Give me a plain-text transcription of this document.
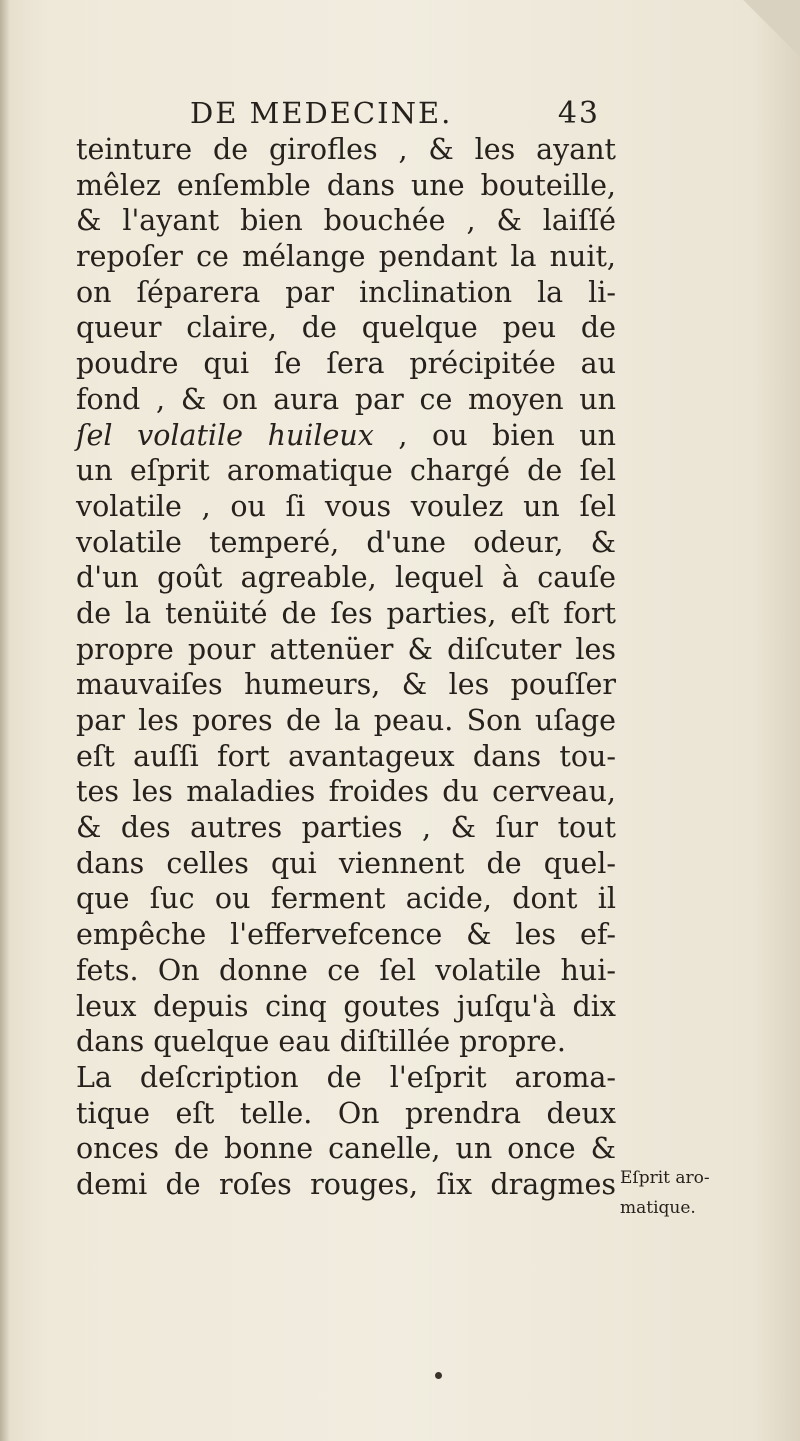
DE MEDECINE.	43
teinture de girofles , & les ayant
mêlez enſemble dans une bouteille,
& l'ayant bien bouchée , & laiſſé
repoſer ce mélange pendant la nuit,
on ſéparera par inclination la li-
queur claire, de quelque peu de
poudre qui ſe ſera précipitée au
fond , & on aura par ce moyen un
ſel volatile huileux , ou bien un
un eſprit aromatique chargé de ſel
volatile , ou ſi vous voulez un ſel
volatile temperé, d'une odeur, &
d'un goût agreable, lequel à cauſe
de la tenüité de ſes parties, eſt fort
propre pour attenüer & diſcuter les
mauvaiſes humeurs, & les pouſſer
par les pores de la peau. Son uſage
eſt auſſi fort avantageux dans tou-
tes les maladies froides du cerveau,
& des autres parties , & ſur tout
dans celles qui viennent de quel-
que ſuc ou ferment acide, dont il
empêche l'effervefcence & les ef-
fets. On donne ce ſel volatile hui-
leux depuis cinq goutes juſqu'à dix
dans quelque eau diſtillée propre.
La deſcription de l'eſprit aroma-
tique eſt telle. On prendra deux
onces de bonne canelle, un once &
demi de roſes rouges, ſix dragmes Eſprit aro-
matique.
